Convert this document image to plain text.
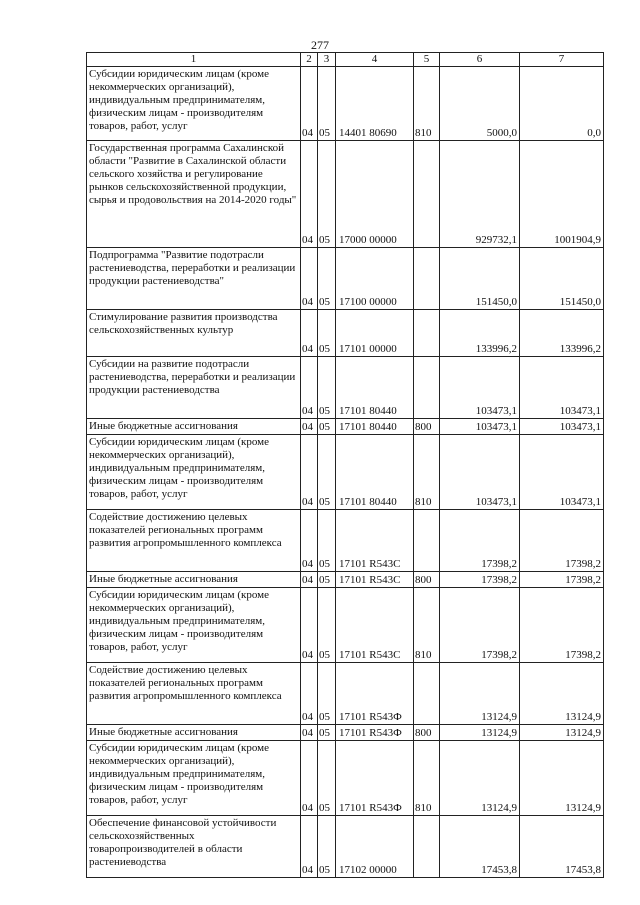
277
1	2	3	4	5	6	7
Субсидии юридическим лицам (кроме некоммерческих организаций), индивидуальным предпринимателям, физическим лицам - производителям товаров, работ, услуг	04	05	14401 80690	810	5000,0	0,0
Государственная программа Сахалинской области "Развитие в Сахалинской области сельского хозяйства и регулирование рынков сельскохозяйственной продукции, сырья и продовольствия на 2014-2020 годы"	04	05	17000 00000		929732,1	1001904,9
Подпрограмма "Развитие подотрасли растениеводства, переработки и реализации продукции растениеводства"	04	05	17100 00000		151450,0	151450,0
Стимулирование развития производства сельскохозяйственных культур	04	05	17101 00000		133996,2	133996,2
Субсидии на развитие подотрасли растениеводства, переработки и реализации продукции растениеводства	04	05	17101 80440		103473,1	103473,1
Иные бюджетные ассигнования	04	05	17101 80440	800	103473,1	103473,1
Субсидии юридическим лицам (кроме некоммерческих организаций), индивидуальным предпринимателям, физическим лицам - производителям товаров, работ, услуг	04	05	17101 80440	810	103473,1	103473,1
Содействие достижению целевых показателей региональных программ развития агропромышленного комплекса	04	05	17101 R543С		17398,2	17398,2
Иные бюджетные ассигнования	04	05	17101 R543С	800	17398,2	17398,2
Субсидии юридическим лицам (кроме некоммерческих организаций), индивидуальным предпринимателям, физическим лицам - производителям товаров, работ, услуг	04	05	17101 R543С	810	17398,2	17398,2
Содействие достижению целевых показателей региональных программ развития агропромышленного комплекса	04	05	17101 R543Ф		13124,9	13124,9
Иные бюджетные ассигнования	04	05	17101 R543Ф	800	13124,9	13124,9
Субсидии юридическим лицам (кроме некоммерческих организаций), индивидуальным предпринимателям, физическим лицам - производителям товаров, работ, услуг	04	05	17101 R543Ф	810	13124,9	13124,9
Обеспечение финансовой устойчивости сельскохозяйственных товаропроизводителей в области растениеводства	04	05	17102 00000		17453,8	17453,8
